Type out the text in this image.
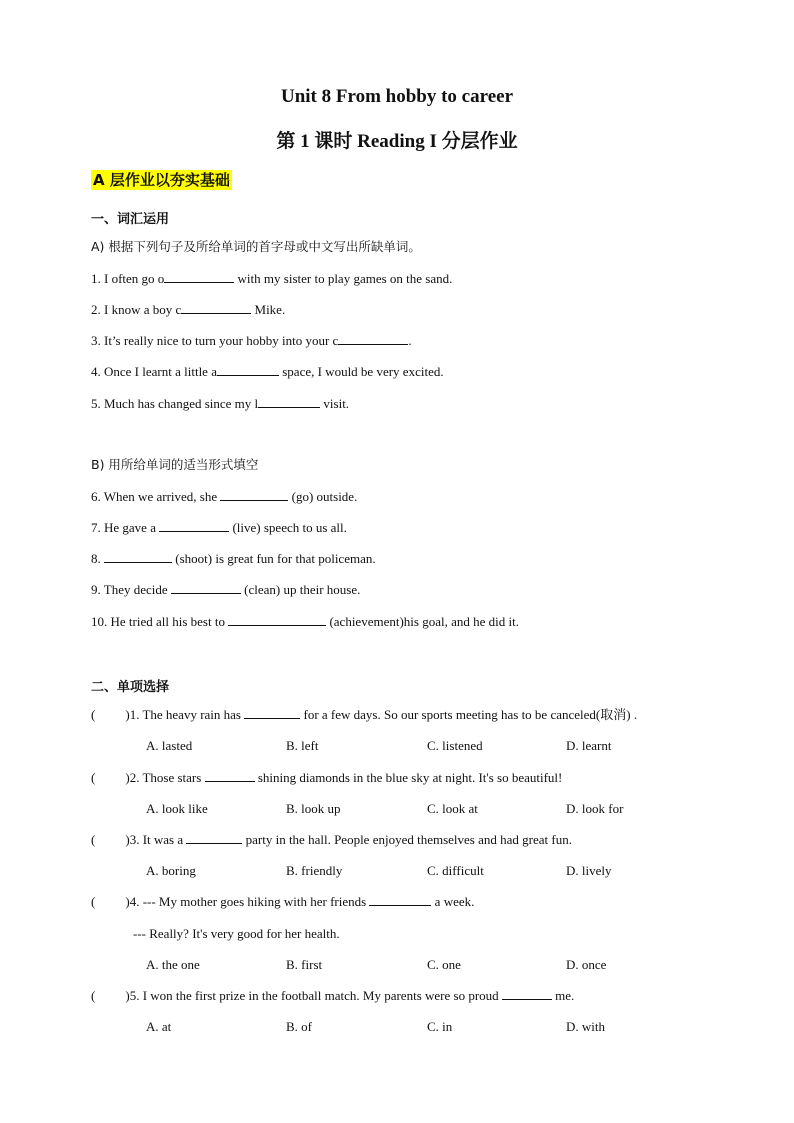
Unit 8 From hobby to career
第 1 课时 Reading I 分层作业
A 层作业以夯实基础
一、词汇运用
A) 根据下列句子及所给单词的首字母或中文写出所缺单词。
1. I often go o	with my sister to play games on the sand.
2. I know a boy c	Mike.
3. It’s really nice to turn your hobby into your c	.
4. Once I learnt a little a	space, I would be very excited.
5. Much has changed since my l	visit.
B) 用所给单词的适当形式填空
6. When we arrived, she	(go) outside.
7. He gave a	(live) speech to us all.
8.	(shoot) is great fun for that policeman.
9. They decide	(clean) up their house.
10. He tried all his best to	(achievement)his goal, and he did it.
二、单项选择
( )1. The heavy rain has	for a few days. So our sports meeting has to be canceled(取消) .
A. lasted	B. left	C. listened	D. learnt
( )2. Those stars	shining diamonds in the blue sky at night. It's so beautiful!
A. look like	B. look up	C. look at	D. look for
( )3. It was a	party in the hall. People enjoyed themselves and had great fun.
A. boring	B. friendly	C. difficult	D. lively
( )4. --- My mother goes hiking with her friends	a week.
--- Really? It's very good for her health.
A. the one	B. first	C. one	D. once
( )5. I won the first prize in the football match. My parents were so proud	me.
A. at	B. of	C. in	D. with
